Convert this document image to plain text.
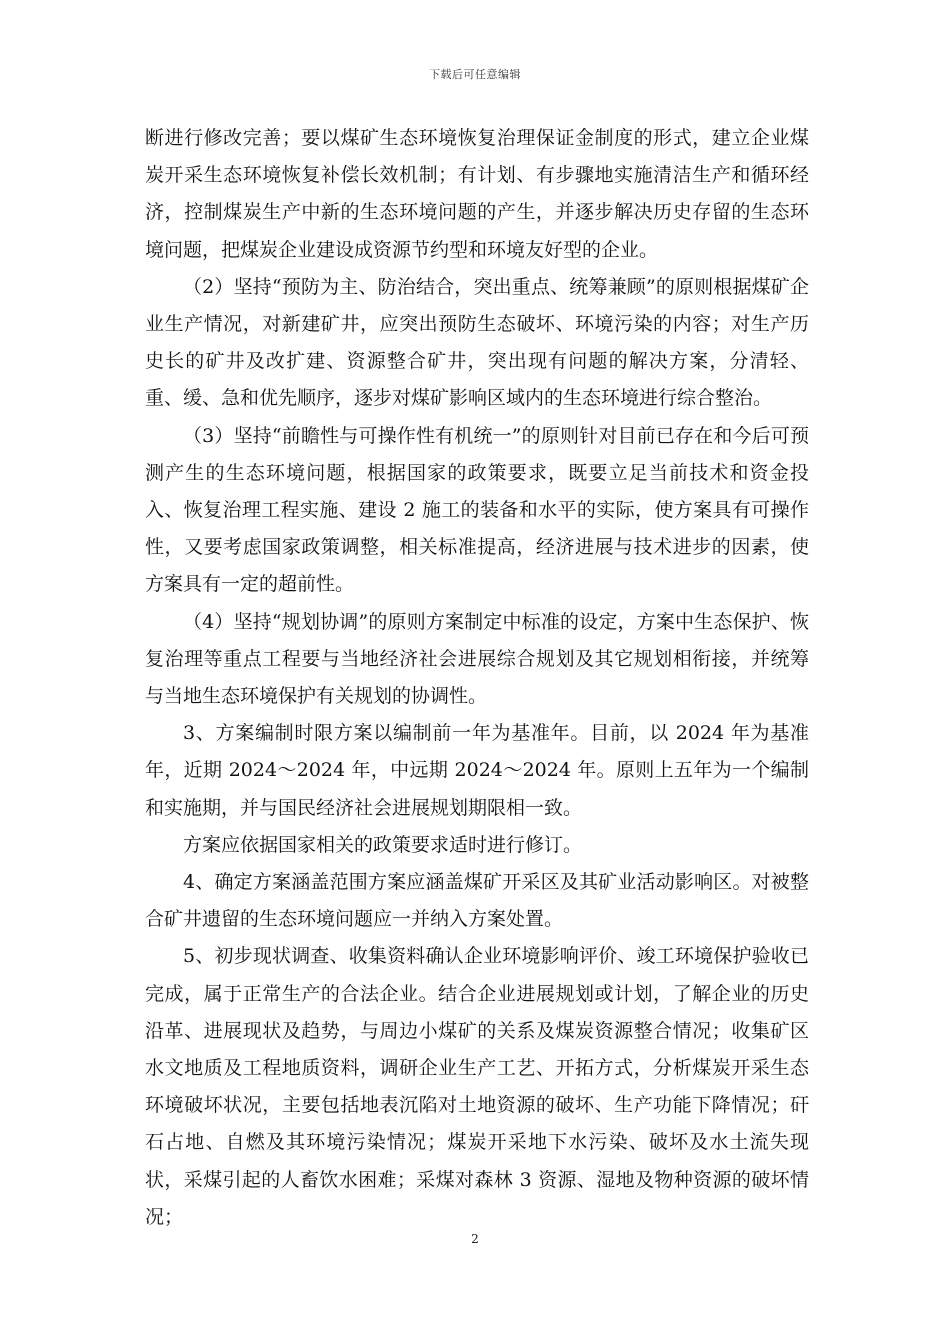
下载后可任意编辑

断进行修改完善；要以煤矿生态环境恢复治理保证金制度的形式，建立企业煤炭开采生态环境恢复补偿长效机制；有计划、有步骤地实施清洁生产和循环经济，控制煤炭生产中新的生态环境问题的产生，并逐步解决历史存留的生态环境问题，把煤炭企业建设成资源节约型和环境友好型的企业。

（2）坚持“预防为主、防治结合，突出重点、统筹兼顾”的原则根据煤矿企业生产情况，对新建矿井，应突出预防生态破坏、环境污染的内容；对生产历史长的矿井及改扩建、资源整合矿井，突出现有问题的解决方案，分清轻、重、缓、急和优先顺序，逐步对煤矿影响区域内的生态环境进行综合整治。

（3）坚持“前瞻性与可操作性有机统一”的原则针对目前已存在和今后可预测产生的生态环境问题，根据国家的政策要求，既要立足当前技术和资金投入、恢复治理工程实施、建设 2 施工的装备和水平的实际，使方案具有可操作性，又要考虑国家政策调整，相关标准提高，经济进展与技术进步的因素，使方案具有一定的超前性。

（4）坚持“规划协调”的原则方案制定中标准的设定，方案中生态保护、恢复治理等重点工程要与当地经济社会进展综合规划及其它规划相衔接，并统筹与当地生态环境保护有关规划的协调性。

3、方案编制时限方案以编制前一年为基准年。目前，以 2024 年为基准年，近期 2024～2024 年，中远期 2024～2024 年。原则上五年为一个编制和实施期，并与国民经济社会进展规划期限相一致。

方案应依据国家相关的政策要求适时进行修订。

4、确定方案涵盖范围方案应涵盖煤矿开采区及其矿业活动影响区。对被整合矿井遗留的生态环境问题应一并纳入方案处置。

5、初步现状调查、收集资料确认企业环境影响评价、竣工环境保护验收已完成，属于正常生产的合法企业。结合企业进展规划或计划，了解企业的历史沿革、进展现状及趋势，与周边小煤矿的关系及煤炭资源整合情况；收集矿区水文地质及工程地质资料，调研企业生产工艺、开拓方式，分析煤炭开采生态环境破坏状况，主要包括地表沉陷对土地资源的破坏、生产功能下降情况；矸石占地、自燃及其环境污染情况；煤炭开采地下水污染、破坏及水土流失现状，采煤引起的人畜饮水困难；采煤对森林 3 资源、湿地及物种资源的破坏情况；

2
